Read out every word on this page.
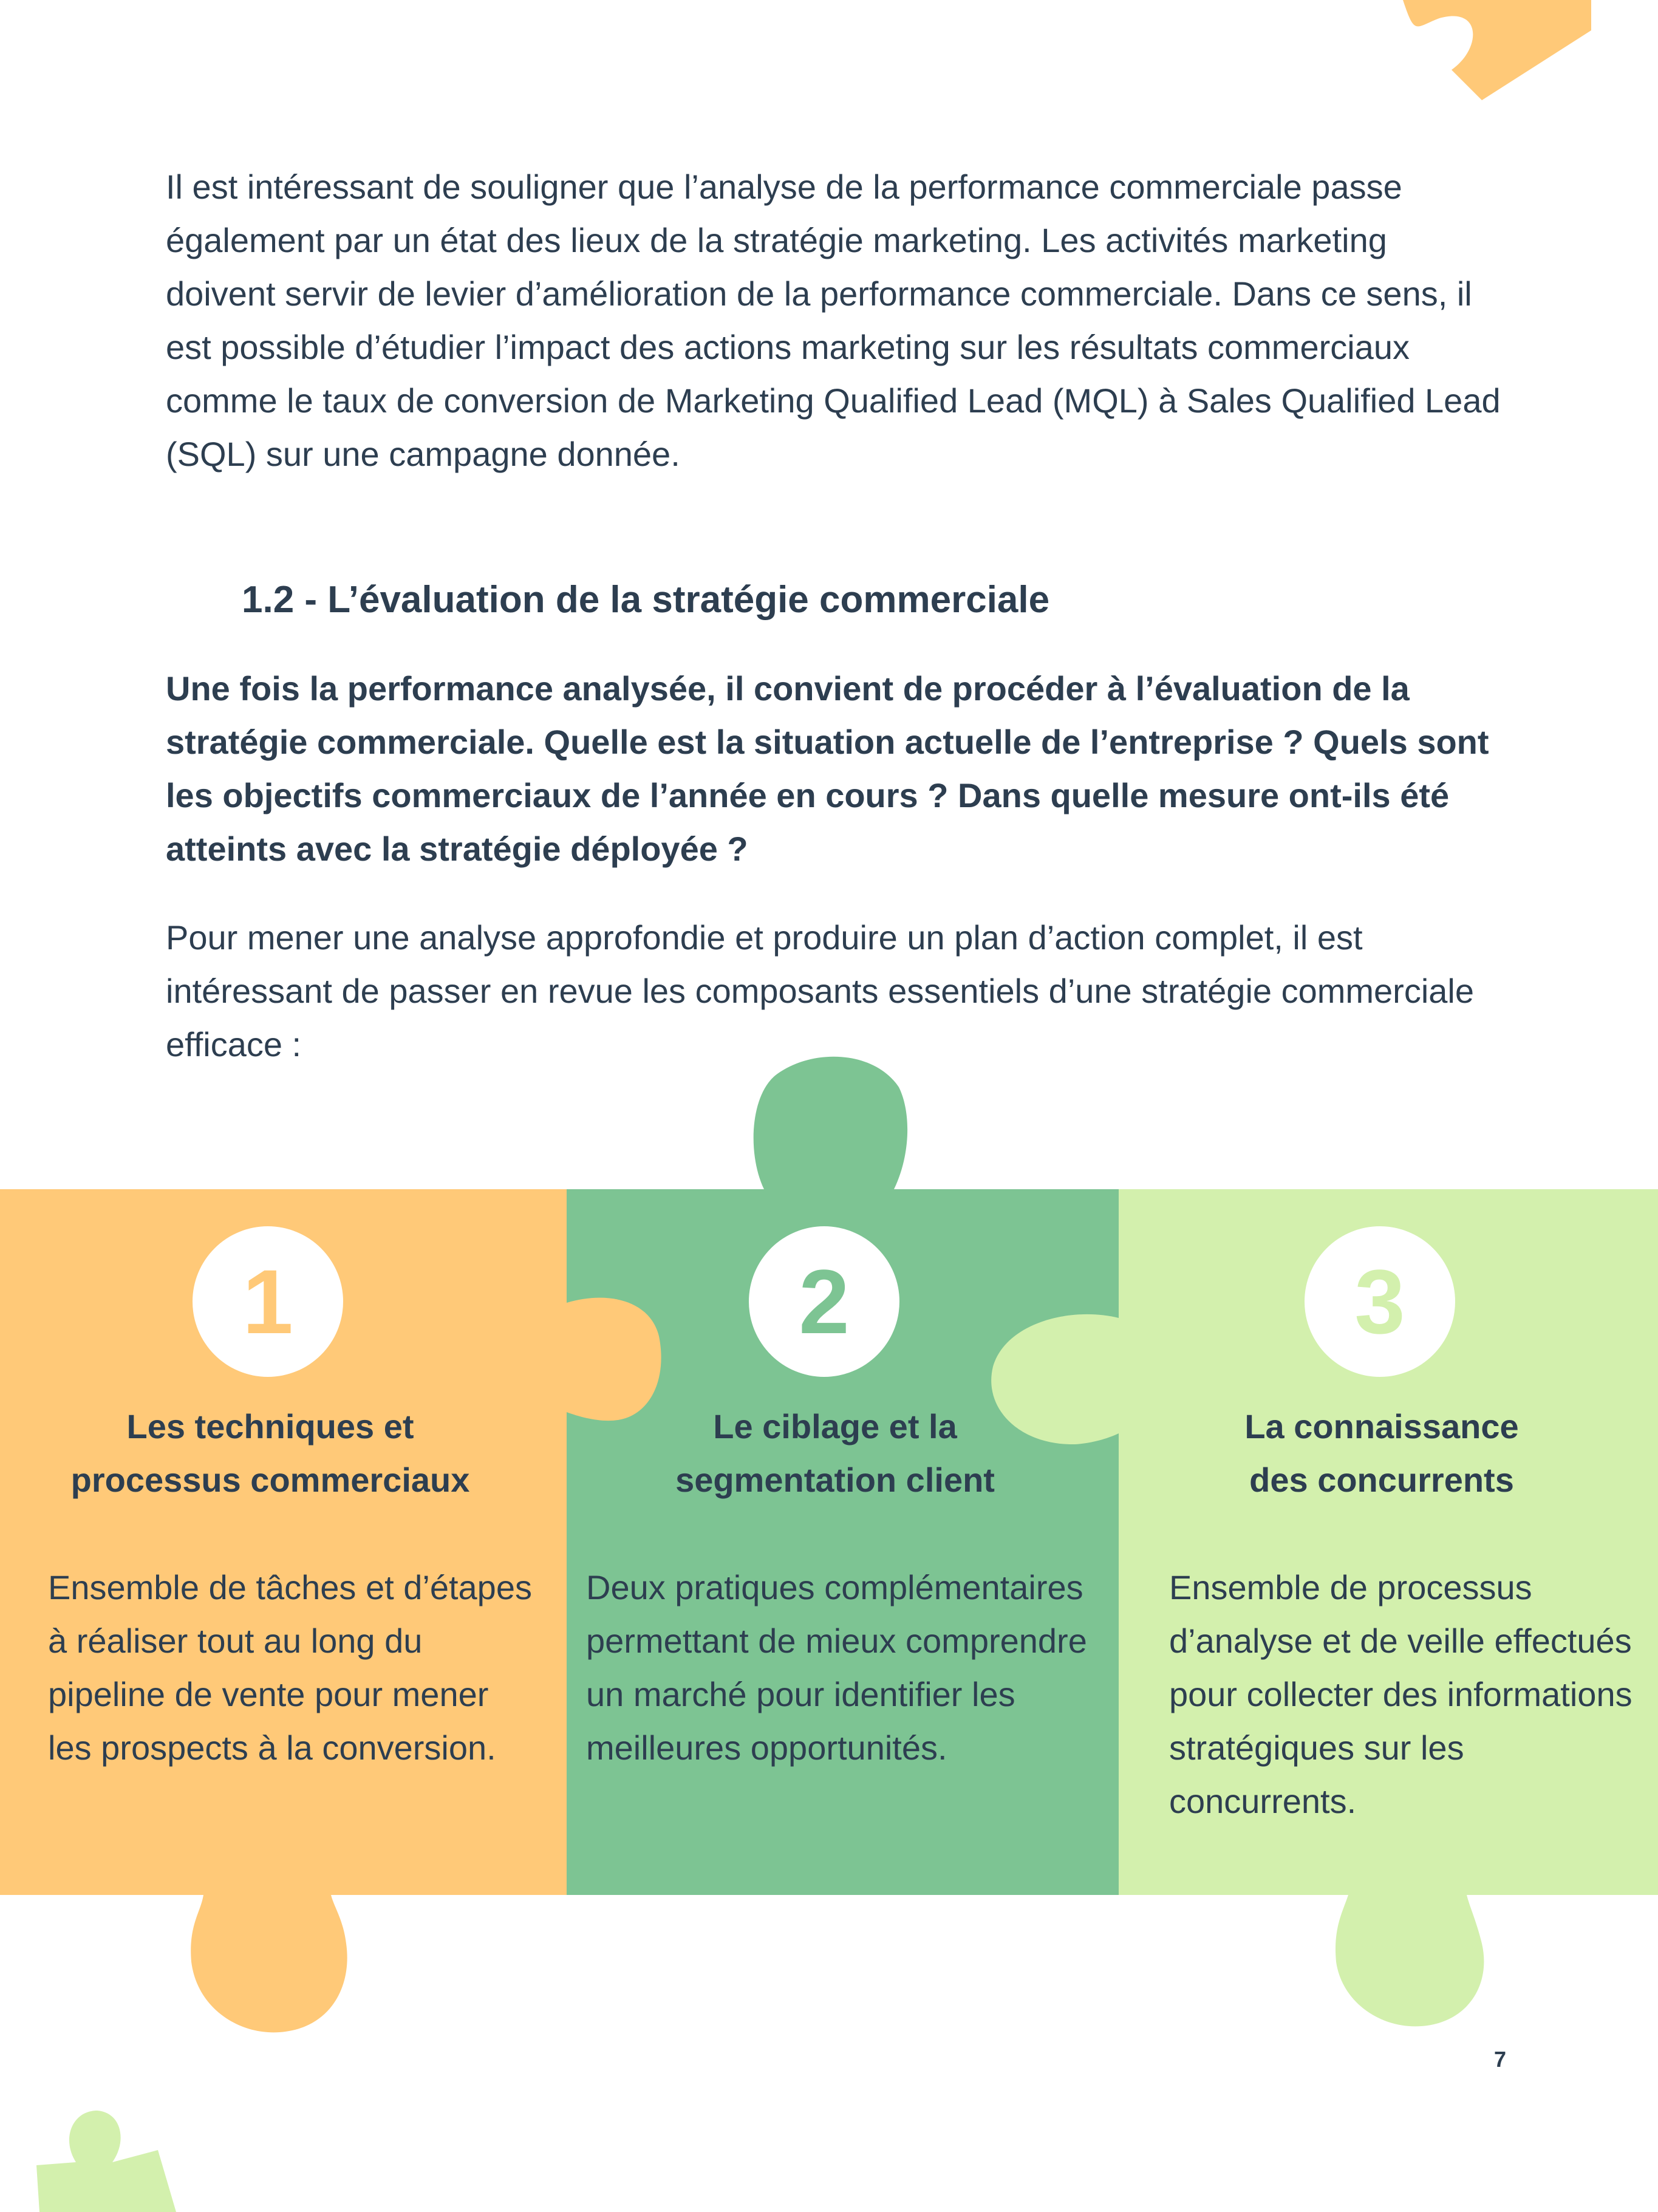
Il est intéressant de souligner que l’analyse de la performance commerciale passe également par un état des lieux de la stratégie marketing. Les activités marketing doivent servir de levier d’amélioration de la performance commerciale. Dans ce sens, il est possible d’étudier l’impact des actions marketing sur les résultats commerciaux comme le taux de conversion de Marketing Qualified Lead (MQL) à Sales Qualified Lead (SQL) sur une campagne donnée.

1.2 - L’évaluation de la stratégie commerciale

Une fois la performance analysée, il convient de procéder à l’évaluation de la stratégie commerciale. Quelle est la situation actuelle de l’entreprise ? Quels sont les objectifs commerciaux de l’année en cours ? Dans quelle mesure ont-ils été atteints avec la stratégie déployée ?

Pour mener une analyse approfondie et produire un plan d’action complet, il est intéressant de passer en revue les composants essentiels d’une stratégie commerciale efficace :

1
Les techniques et
processus commerciaux

Ensemble de tâches et d’étapes à réaliser tout au long du pipeline de vente pour mener les prospects à la conversion.

2
Le ciblage et la
segmentation client

Deux pratiques complémentaires permettant de mieux comprendre un marché pour identifier les meilleures opportunités.

3
La connaissance
des concurrents

Ensemble de processus d’analyse et de veille effectués pour collecter des informations stratégiques sur les concurrents.

7
